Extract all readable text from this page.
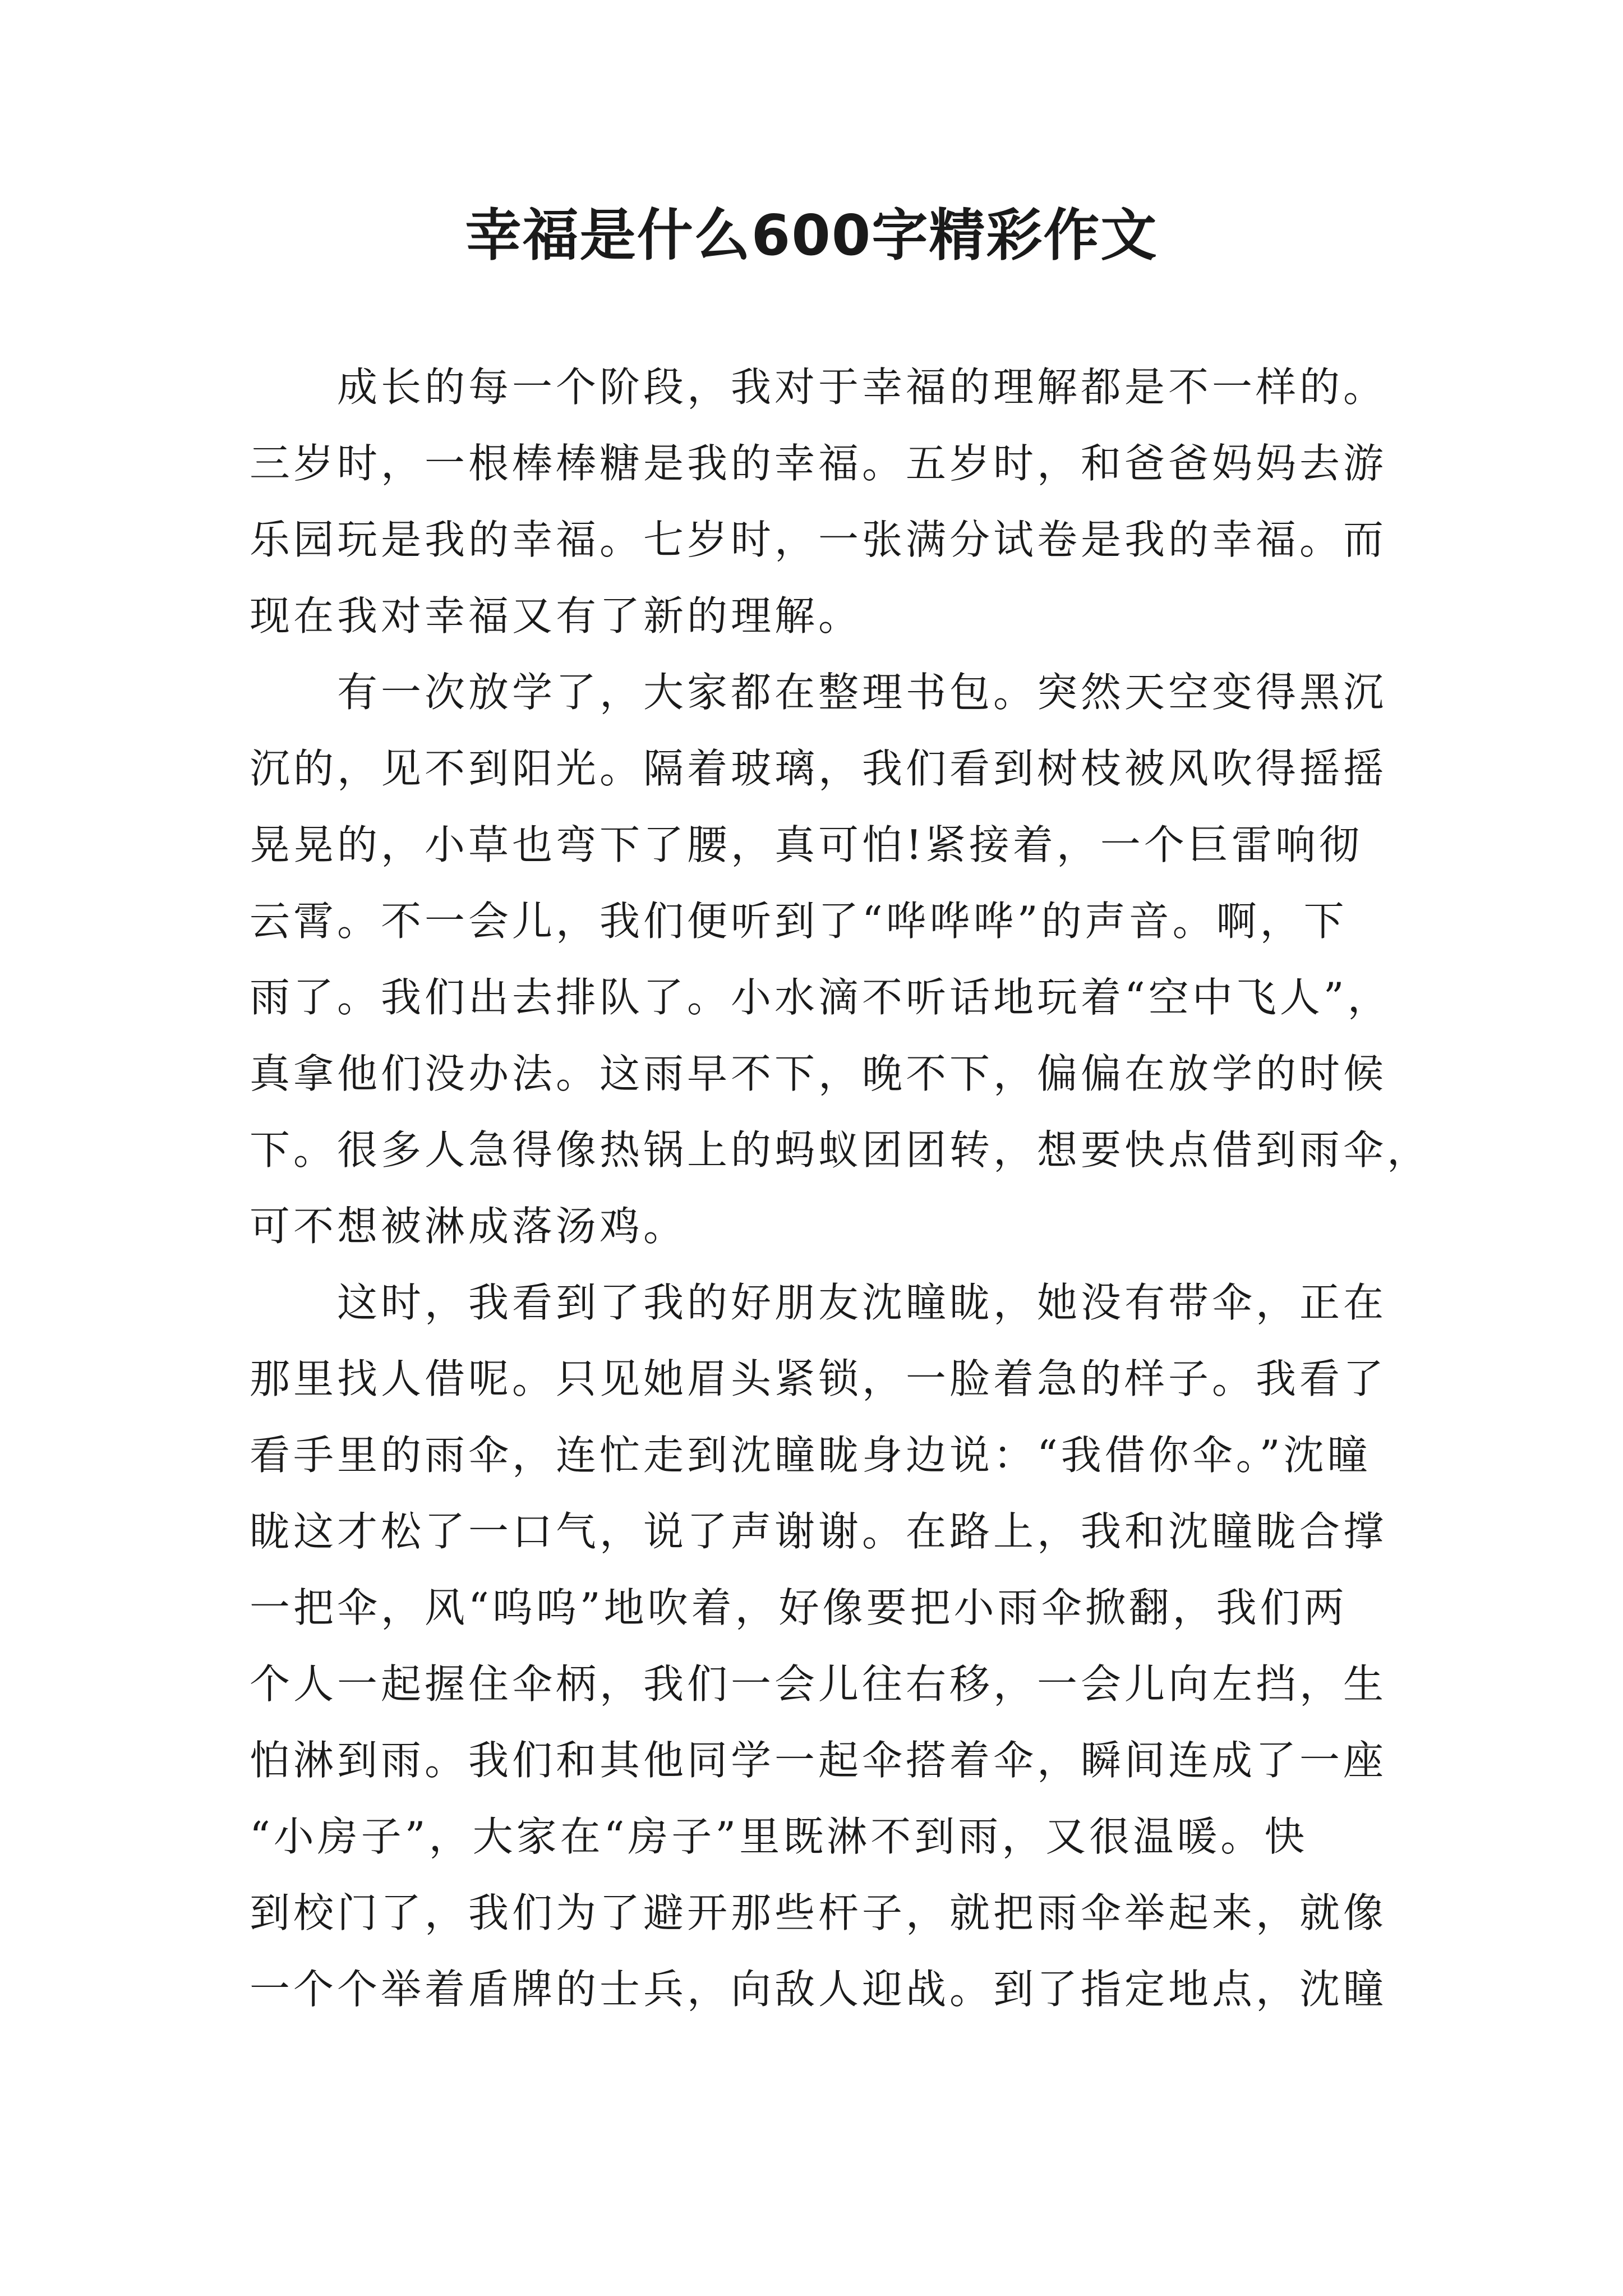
幸福是什么600字精彩作文
　　成长的每一个阶段，我对于幸福的理解都是不一样的。
三岁时，一根棒棒糖是我的幸福。五岁时，和爸爸妈妈去游
乐园玩是我的幸福。七岁时，一张满分试卷是我的幸福。而
现在我对幸福又有了新的理解。
　　有一次放学了，大家都在整理书包。突然天空变得黑沉
沉的，见不到阳光。隔着玻璃，我们看到树枝被风吹得摇摇
晃晃的，小草也弯下了腰，真可怕!紧接着，一个巨雷响彻
云霄。不一会儿，我们便听到了“哗哗哗”的声音。啊，下
雨了。我们出去排队了。小水滴不听话地玩着“空中飞人”，
真拿他们没办法。这雨早不下，晚不下，偏偏在放学的时候
下。很多人急得像热锅上的蚂蚁团团转，想要快点借到雨伞，
可不想被淋成落汤鸡。
　　这时，我看到了我的好朋友沈瞳眬，她没有带伞，正在
那里找人借呢。只见她眉头紧锁，一脸着急的样子。我看了
看手里的雨伞，连忙走到沈瞳眬身边说：“我借你伞。”沈瞳
眬这才松了一口气，说了声谢谢。在路上，我和沈瞳眬合撑
一把伞，风“呜呜”地吹着，好像要把小雨伞掀翻，我们两
个人一起握住伞柄，我们一会儿往右移，一会儿向左挡，生
怕淋到雨。我们和其他同学一起伞搭着伞，瞬间连成了一座
“小房子”，大家在“房子”里既淋不到雨，又很温暖。快
到校门了，我们为了避开那些杆子，就把雨伞举起来，就像
一个个举着盾牌的士兵，向敌人迎战。到了指定地点，沈瞳
